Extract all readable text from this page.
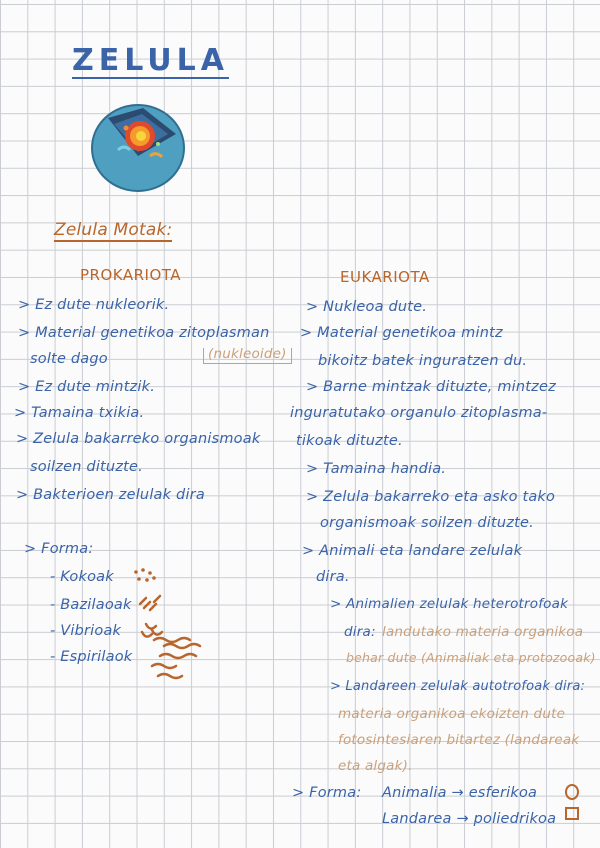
ZELULA
Zelula Motak:
PROKARIOTA	EUKARIOTA
> Ez dute nukleorik.
> Material genetikoa zitoplasman
solte dago	(nukleoide)
> Ez dute mintzik.
> Tamaina txikia.
> Zelula bakarreko organismoak
soilzen dituzte.
> Bakterioen zelulak dira
> Forma:
- Kokoak
- Bazilaoak
- Vibrioak
- Espirilaok
> Nukleoa dute.
> Material genetikoa mintz
bikoitz batek inguratzen du.
> Barne mintzak dituzte, mintzez
inguratutako organulo zitoplasma-
tikoak dituzte.
> Tamaina handia.
> Zelula bakarreko eta asko tako
organismoak soilzen dituzte.
> Animali eta landare zelulak
dira.
> Animalien zelulak heterotrofoak
dira: landutako materia organikoa
behar dute (Animaliak eta protozooak)
> Landareen zelulak autotrofoak dira:
materia organikoa ekoizten dute
fotosintesiaren bitartez (landareak
eta algak).
> Forma: Animalia → esferikoa
Landarea → poliedrikoa
